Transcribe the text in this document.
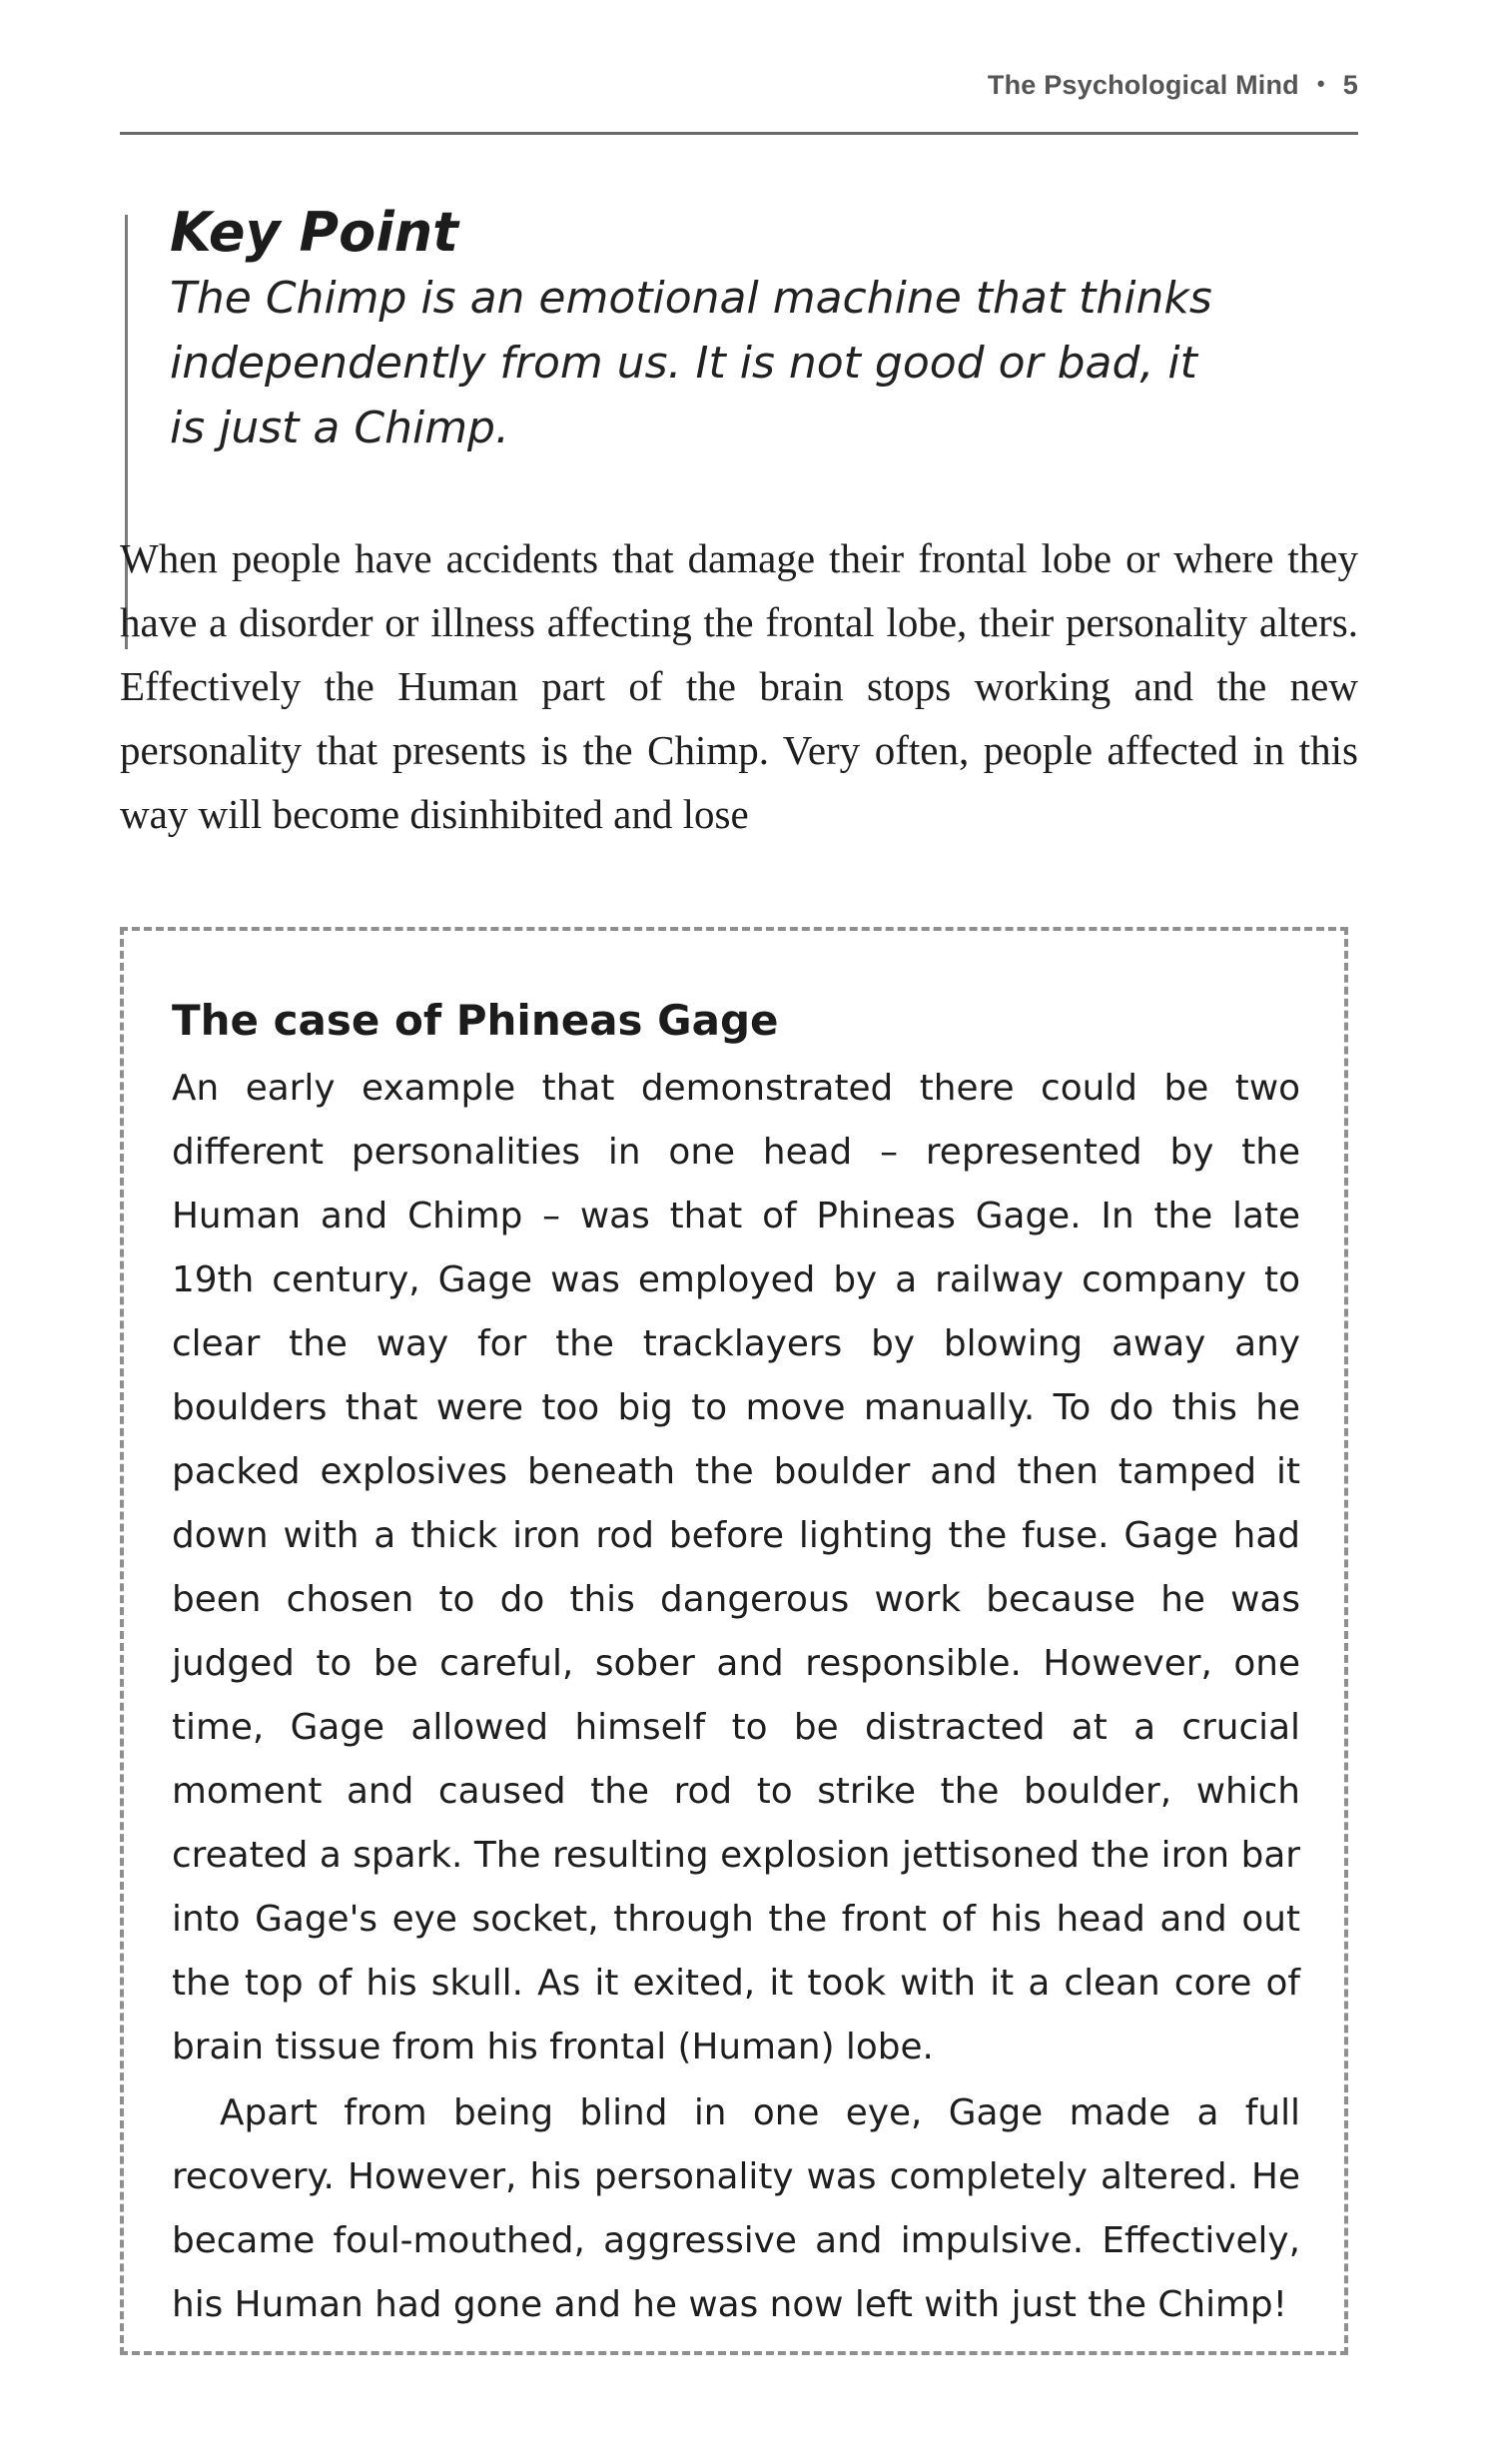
The Psychological Mind • 5
Key Point

The Chimp is an emotional machine that thinks independently from us. It is not good or bad, it is just a Chimp.

When people have accidents that damage their frontal lobe or where they have a disorder or illness affecting the frontal lobe, their personality alters. Effectively the Human part of the brain stops working and the new personality that presents is the Chimp. Very often, people affected in this way will become disinhibited and lose

The case of Phineas Gage

An early example that demonstrated there could be two different personalities in one head – represented by the Human and Chimp – was that of Phineas Gage. In the late 19th century, Gage was employed by a railway company to clear the way for the tracklayers by blowing away any boulders that were too big to move manually. To do this he packed explosives beneath the boulder and then tamped it down with a thick iron rod before lighting the fuse. Gage had been chosen to do this dangerous work because he was judged to be careful, sober and responsible. However, one time, Gage allowed himself to be distracted at a crucial moment and caused the rod to strike the boulder, which created a spark. The resulting explosion jettisoned the iron bar into Gage's eye socket, through the front of his head and out the top of his skull. As it exited, it took with it a clean core of brain tissue from his frontal (Human) lobe.

Apart from being blind in one eye, Gage made a full recovery. However, his personality was completely altered. He became foul-mouthed, aggressive and impulsive. Effectively, his Human had gone and he was now left with just the Chimp!
